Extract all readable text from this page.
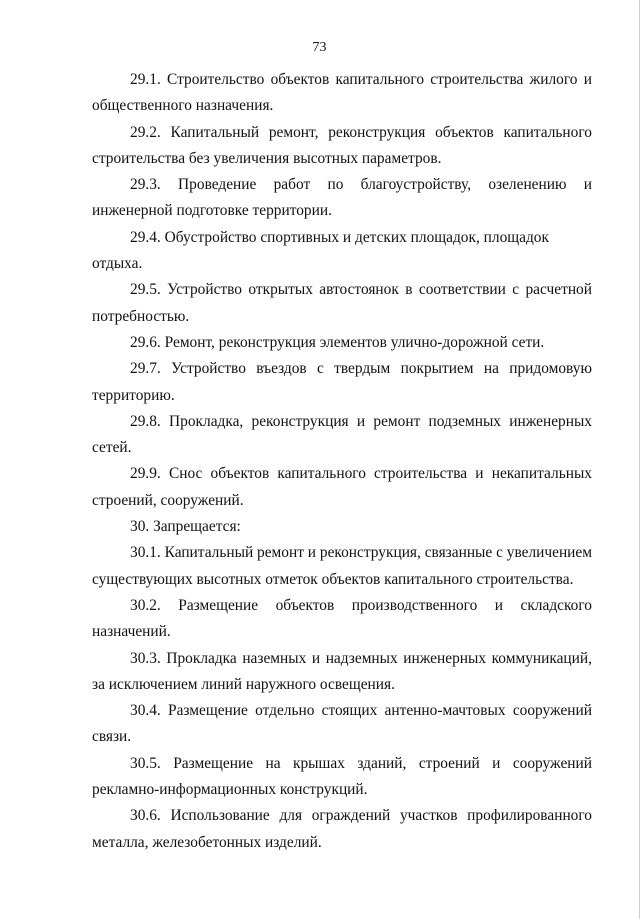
73

29.1. Строительство объектов капитального строительства жилого и общественного назначения.

29.2. Капитальный ремонт, реконструкция объектов капитального строительства без увеличения высотных параметров.

29.3. Проведение работ по благоустройству, озеленению и инженерной подготовке территории.

29.4. Обустройство спортивных и детских площадок, площадок отдыха.

29.5. Устройство открытых автостоянок в соответствии с расчетной потребностью.

29.6. Ремонт, реконструкция элементов улично-дорожной сети.

29.7. Устройство въездов с твердым покрытием на придомовую территорию.

29.8. Прокладка, реконструкция и ремонт подземных инженерных сетей.

29.9. Снос объектов капитального строительства и некапитальных строений, сооружений.

30. Запрещается:

30.1. Капитальный ремонт и реконструкция, связанные с увеличением существующих высотных отметок объектов капитального строительства.

30.2. Размещение объектов производственного и складского назначений.

30.3. Прокладка наземных и надземных инженерных коммуникаций, за исключением линий наружного освещения.

30.4. Размещение отдельно стоящих антенно-мачтовых сооружений связи.

30.5. Размещение на крышах зданий, строений и сооружений рекламно-информационных конструкций.

30.6. Использование для ограждений участков профилированного металла, железобетонных изделий.
